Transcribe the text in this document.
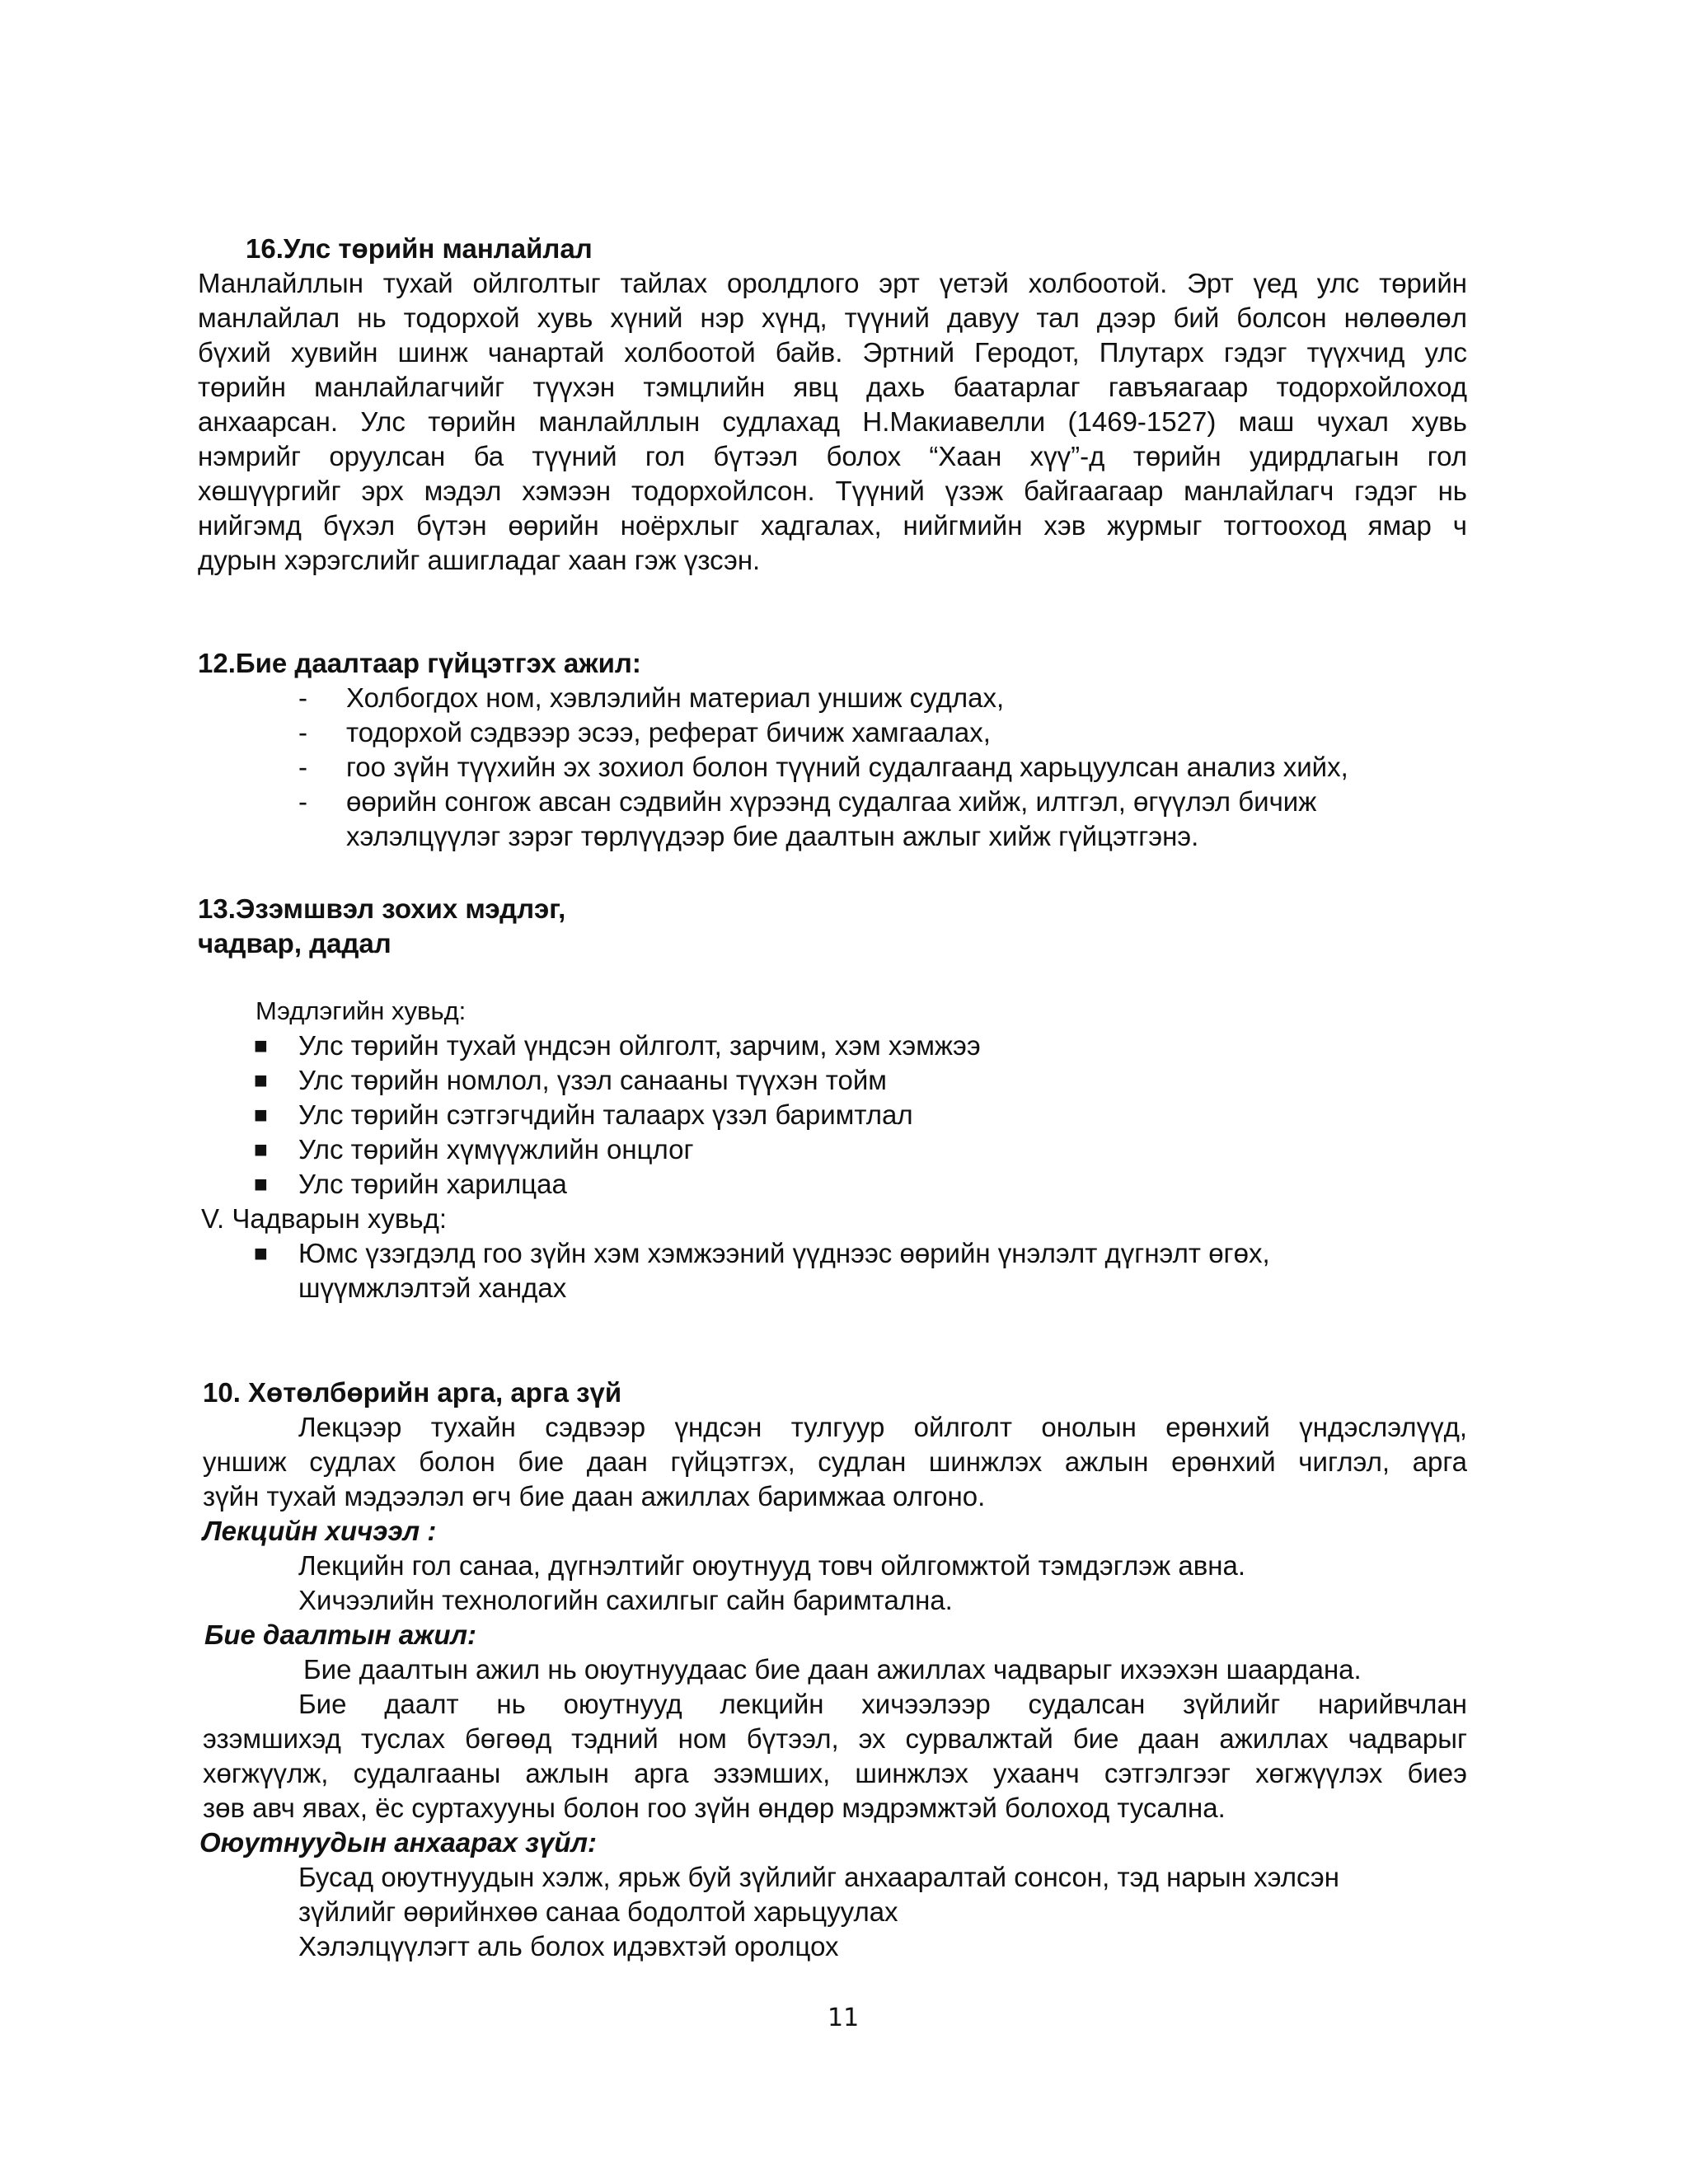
16.Улс төрийн манлайлал
Манлайллын тухай ойлголтыг тайлах оролдлого эрт үетэй холбоотой. Эрт үед улс төрийн
манлайлал нь тодорхой хувь хүний нэр хүнд, түүний давуу тал дээр бий болсон нөлөөлөл
бүхий хувийн шинж чанартай холбоотой байв. Эртний Геродот, Плутарх гэдэг түүхчид улс
төрийн манлайлагчийг түүхэн тэмцлийн явц дахь баатарлаг гавъяагаар тодорхойлоход
анхаарсан. Улс төрийн манлайллын судлахад Н.Макиавелли (1469-1527) маш чухал хувь
нэмрийг оруулсан ба түүний гол бүтээл болох “Хаан хүү”-д төрийн удирдлагын гол
хөшүүргийг эрх мэдэл хэмээн тодорхойлсон. Түүний үзэж байгаагаар манлайлагч гэдэг нь
нийгэмд бүхэл бүтэн өөрийн ноёрхлыг хадгалах, нийгмийн хэв журмыг тогтооход ямар ч
дурын хэрэгслийг ашигладаг хаан гэж үзсэн.
12.Бие даалтаар гүйцэтгэх ажил:
- Холбогдох ном, хэвлэлийн материал уншиж судлах,
- тодорхой сэдвээр эсээ, реферат бичиж хамгаалах,
- гоо зүйн түүхийн эх зохиол болон түүний судалгаанд харьцуулсан анализ хийх,
- өөрийн сонгож авсан сэдвийн хүрээнд судалгаа хийж, илтгэл, өгүүлэл бичиж
хэлэлцүүлэг зэрэг төрлүүдээр бие даалтын ажлыг хийж гүйцэтгэнэ.
13.Эзэмшвэл зохих мэдлэг,
чадвар, дадал
Мэдлэгийн хувьд:
■ Улс төрийн тухай үндсэн ойлголт, зарчим, хэм хэмжээ
■ Улс төрийн номлол, үзэл санааны түүхэн тойм
■ Улс төрийн сэтгэгчдийн талаарх үзэл баримтлал
■ Улс төрийн хүмүүжлийн онцлог
■ Улс төрийн харилцаа
V. Чадварын хувьд:
■ Юмс үзэгдэлд гоо зүйн хэм хэмжээний үүднээс өөрийн үнэлэлт дүгнэлт өгөх,
шүүмжлэлтэй хандах
10. Хөтөлбөрийн арга, арга зүй
Лекцээр тухайн сэдвээр үндсэн тулгуур ойлголт онолын ерөнхий үндэслэлүүд,
уншиж судлах болон бие даан гүйцэтгэх, судлан шинжлэх ажлын ерөнхий чиглэл, арга
зүйн тухай мэдээлэл өгч бие даан ажиллах баримжаа олгоно.
Лекцийн хичээл :
Лекцийн гол санаа, дүгнэлтийг оюутнууд товч ойлгомжтой тэмдэглэж авна.
Хичээлийн технологийн сахилгыг сайн баримтална.
Бие даалтын ажил:
Бие даалтын ажил нь оюутнуудаас бие даан ажиллах чадварыг ихээхэн шаардана.
Бие даалт нь оюутнууд лекцийн хичээлээр судалсан зүйлийг нарийвчлан
эзэмшихэд туслах бөгөөд тэдний ном бүтээл, эх сурвалжтай бие даан ажиллах чадварыг
хөгжүүлж, судалгааны ажлын арга эзэмших, шинжлэх ухаанч сэтгэлгээг хөгжүүлэх биеэ
зөв авч явах, ёс суртахууны болон гоо зүйн өндөр мэдрэмжтэй болоход тусална.
Оюутнуудын анхаарах зүйл:
Бусад оюутнуудын хэлж, ярьж буй зүйлийг анхааралтай сонсон, тэд нарын хэлсэн
зүйлийг өөрийнхөө санаа бодолтой харьцуулах
Хэлэлцүүлэгт аль болох идэвхтэй оролцох
11
